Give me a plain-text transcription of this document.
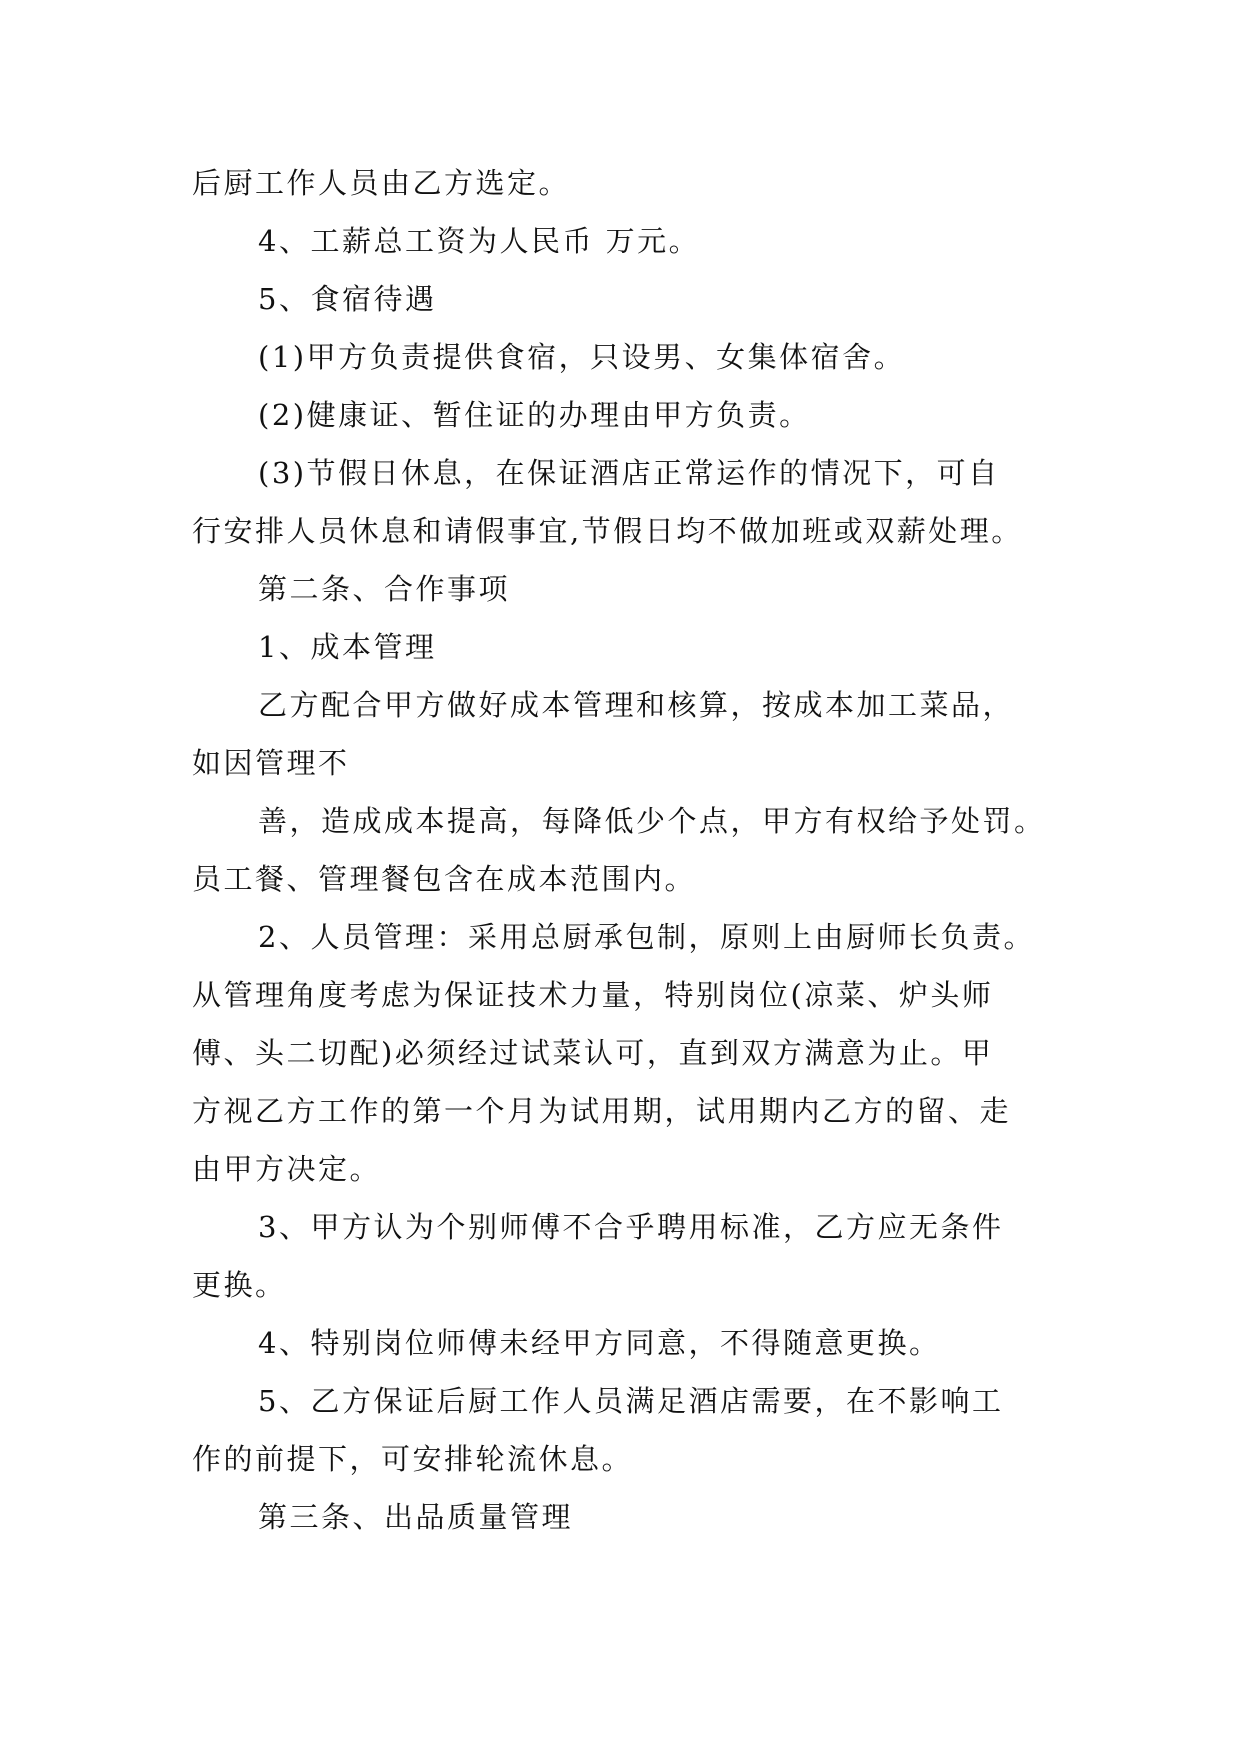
后厨工作人员由乙方选定。

4、工薪总工资为人民币 万元。

5、食宿待遇

(1)甲方负责提供食宿，只设男、女集体宿舍。

(2)健康证、暂住证的办理由甲方负责。

(3)节假日休息，在保证酒店正常运作的情况下，可自

行安排人员休息和请假事宜,节假日均不做加班或双薪处理。

第二条、合作事项

1、成本管理

乙方配合甲方做好成本管理和核算，按成本加工菜品，

如因管理不

善，造成成本提高，每降低少个点，甲方有权给予处罚。

员工餐、管理餐包含在成本范围内。

2、人员管理：采用总厨承包制，原则上由厨师长负责。

从管理角度考虑为保证技术力量，特别岗位(凉菜、炉头师

傅、头二切配)必须经过试菜认可，直到双方满意为止。甲

方视乙方工作的第一个月为试用期，试用期内乙方的留、走

由甲方决定。

3、甲方认为个别师傅不合乎聘用标准，乙方应无条件

更换。

4、特别岗位师傅未经甲方同意，不得随意更换。

5、乙方保证后厨工作人员满足酒店需要，在不影响工

作的前提下，可安排轮流休息。

第三条、出品质量管理
